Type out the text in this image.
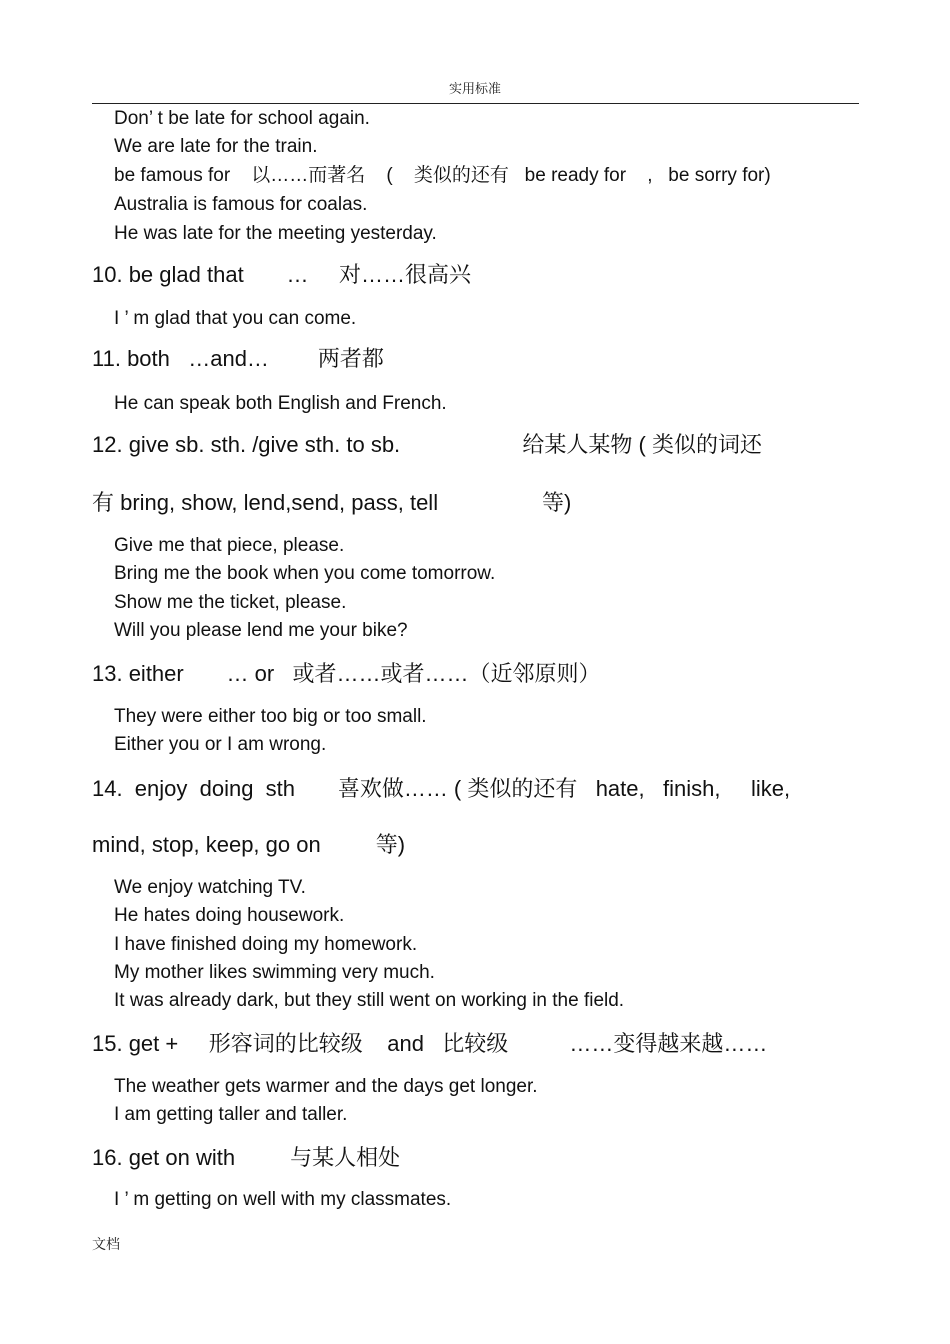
实用标准
Don’ t be late for school again.
We are late for the train.
be famous for    以……而著名    (    类似的还有   be ready for    ,   be sorry for)
Australia is famous for coalas.
He was late for the meeting yesterday.
10. be glad that       …     对……很高兴
I ’ m glad that you can come.
11. both   …and…        两者都
He can speak both English and French.
12. give sb. sth. /give sth. to sb.                    给某人某物 ( 类似的词还
有 bring, show, lend,send, pass, tell                 等)
Give me that piece, please.
Bring me the book when you come tomorrow.
Show me the ticket, please.
Will you please lend me your bike?
13. either       … or   或者……或者……（近邻原则）
They were either too big or too small.
Either you or I am wrong.
14.  enjoy  doing  sth       喜欢做…… ( 类似的还有   hate,   finish,     like,
mind, stop, keep, go on         等)
We enjoy watching TV.
He hates doing housework.
I have finished doing my homework.
My mother likes swimming very much.
It was already dark, but they still went on working in the field.
15. get +     形容词的比较级    and   比较级          ……变得越来越……
The weather gets warmer and the days get longer.
I am getting taller and taller.
16. get on with         与某人相处
I ’ m getting on well with my classmates.
文档
